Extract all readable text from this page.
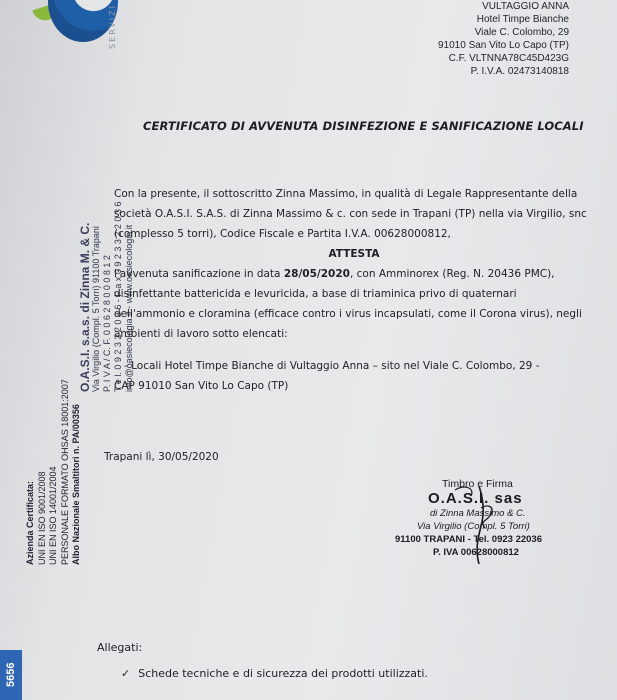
SERVIZI	VULTAGGIO ANNA
Hotel Timpe Bianche
Viale C. Colombo, 29
91010 San Vito Lo Capo (TP)
C.F. VLTNNA78C45D423G
P. I.V.A. 02473140818
O.A.S.I. s.a.s. di Zinna M. & C. Via Virgilio (Compl. 5 Torri) 91100 Trapani P. I V A / C. F. 0 0 6 2 8 0 0 0 8 1 2 T e l. 0 9 2 3 2 2 0 3 6 - F a x 0 9 2 3 3 2 2 0 3 6 info@oasiecologia.it - www.oasiecologia.it
Azienda Certificata: UNI EN ISO 9001/2008 UNI EN ISO 14001/2004 PERSONALE FORMATO OHSAS 18001:2007 Albo Nazionale Smaltitori n. PA/00356
5656
CERTIFICATO DI AVVENUTA DISINFEZIONE E SANIFICAZIONE LOCALI

Con la presente, il sottoscritto Zinna Massimo, in qualità di Legale Rappresentante della

società O.A.S.I. S.A.S. di Zinna Massimo & c. con sede in Trapani (TP) nella via Virgilio, snc

(complesso 5 torri), Codice Fiscale e Partita I.V.A. 00628000812,

ATTESTA

l'avvenuta sanificazione in data 28/05/2020, con Amminorex (Reg. N. 20436 PMC),

disinfettante battericida e levuricida, a base di triaminica privo di quaternari

dell'ammonio e cloramina (efficace contro i virus incapsulati, come il Corona virus), negli

ambienti di lavoro sotto elencati:

- Locali Hotel Timpe Bianche di Vultaggio Anna – sito nel Viale C. Colombo, 29 -

CAP 91010 San Vito Lo Capo (TP)

Trapani lì, 30/05/2020
Timbro e Firma
O.A.S.I. sas
di Zinna Massimo & C.
Via Virgilio (Compl. 5 Torri)
91100 TRAPANI - Tel. 0923 22036
P. IVA 00628000812
Allegati:
✓ Schede tecniche e di sicurezza dei prodotti utilizzati.
